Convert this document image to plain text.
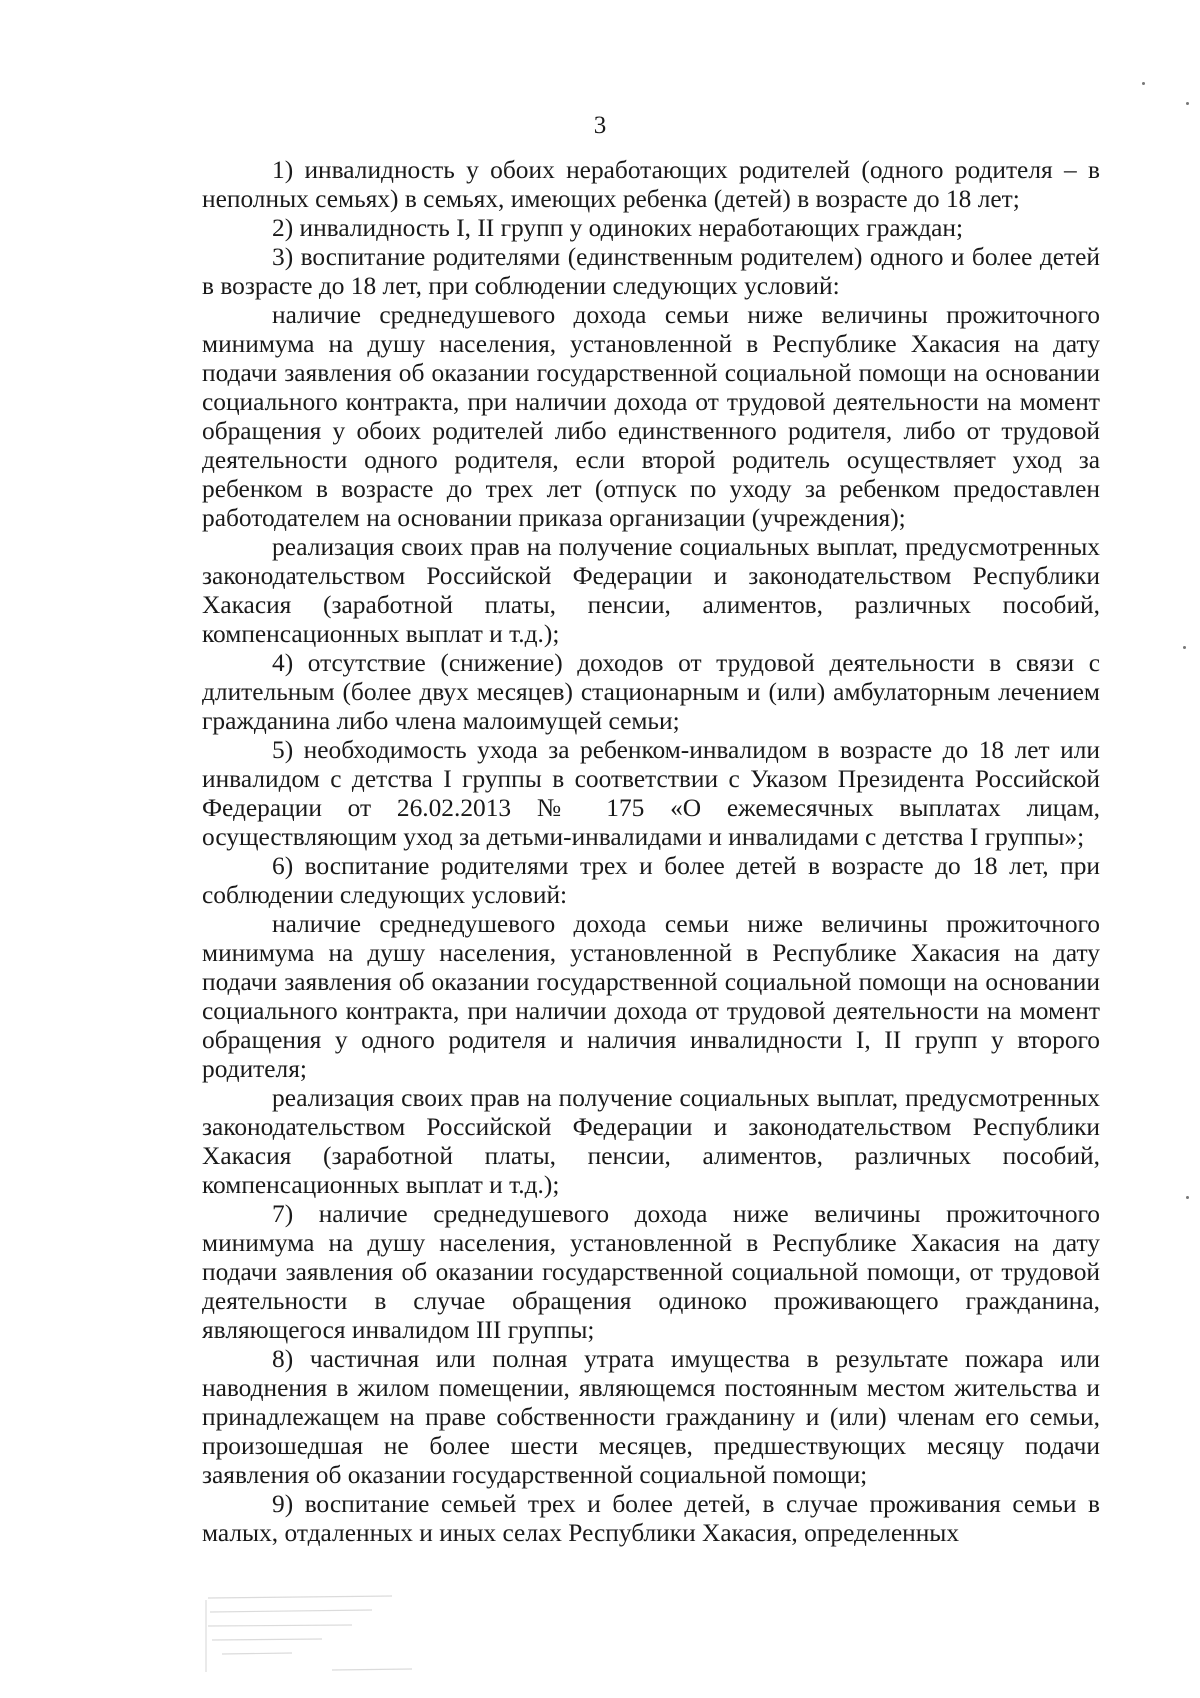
3

1) инвалидность у обоих неработающих родителей (одного родителя – в неполных семьях) в семьях, имеющих ребенка (детей) в возрасте до 18 лет;

2) инвалидность I, II групп у одиноких неработающих граждан;

3) воспитание родителями (единственным родителем) одного и более детей в возрасте до 18 лет, при соблюдении следующих условий:

наличие среднедушевого дохода семьи ниже величины прожиточного минимума на душу населения, установленной в Республике Хакасия на дату подачи заявления об оказании государственной социальной помощи на основании социального контракта, при наличии дохода от трудовой деятельности на момент обращения у обоих родителей либо единственного родителя, либо от трудовой деятельности одного родителя, если второй родитель осуществляет уход за ребенком в возрасте до трех лет (отпуск по уходу за ребенком предоставлен работодателем на основании приказа организации (учреждения);

реализация своих прав на получение социальных выплат, предусмотренных законодательством Российской Федерации и законодательством Республики Хакасия (заработной платы, пенсии, алиментов, различных пособий, компенсационных выплат и т.д.);

4) отсутствие (снижение) доходов от трудовой деятельности в связи с длительным (более двух месяцев) стационарным и (или) амбулаторным лечением гражданина либо члена малоимущей семьи;

5) необходимость ухода за ребенком-инвалидом в возрасте до 18 лет или инвалидом с детства I группы в соответствии с Указом Президента Российской Федерации от 26.02.2013 № 175 «О ежемесячных выплатах лицам, осуществляющим уход за детьми-инвалидами и инвалидами с детства I группы»;

6) воспитание родителями трех и более детей в возрасте до 18 лет, при соблюдении следующих условий:

наличие среднедушевого дохода семьи ниже величины прожиточного минимума на душу населения, установленной в Республике Хакасия на дату подачи заявления об оказании государственной социальной помощи на основании социального контракта, при наличии дохода от трудовой деятельности на момент обращения у одного родителя и наличия инвалидности I, II групп у второго родителя;

реализация своих прав на получение социальных выплат, предусмотренных законодательством Российской Федерации и законодательством Республики Хакасия (заработной платы, пенсии, алиментов, различных пособий, компенсационных выплат и т.д.);

7) наличие среднедушевого дохода ниже величины прожиточного минимума на душу населения, установленной в Республике Хакасия на дату подачи заявления об оказании государственной социальной помощи, от трудовой деятельности в случае обращения одиноко проживающего гражданина, являющегося инвалидом III группы;

8) частичная или полная утрата имущества в результате пожара или наводнения в жилом помещении, являющемся постоянным местом жительства и принадлежащем на праве собственности гражданину и (или) членам его семьи, произошедшая не более шести месяцев, предшествующих месяцу подачи заявления об оказании государственной социальной помощи;

9) воспитание семьей трех и более детей, в случае проживания семьи в малых, отдаленных и иных селах Республики Хакасия, определенных
